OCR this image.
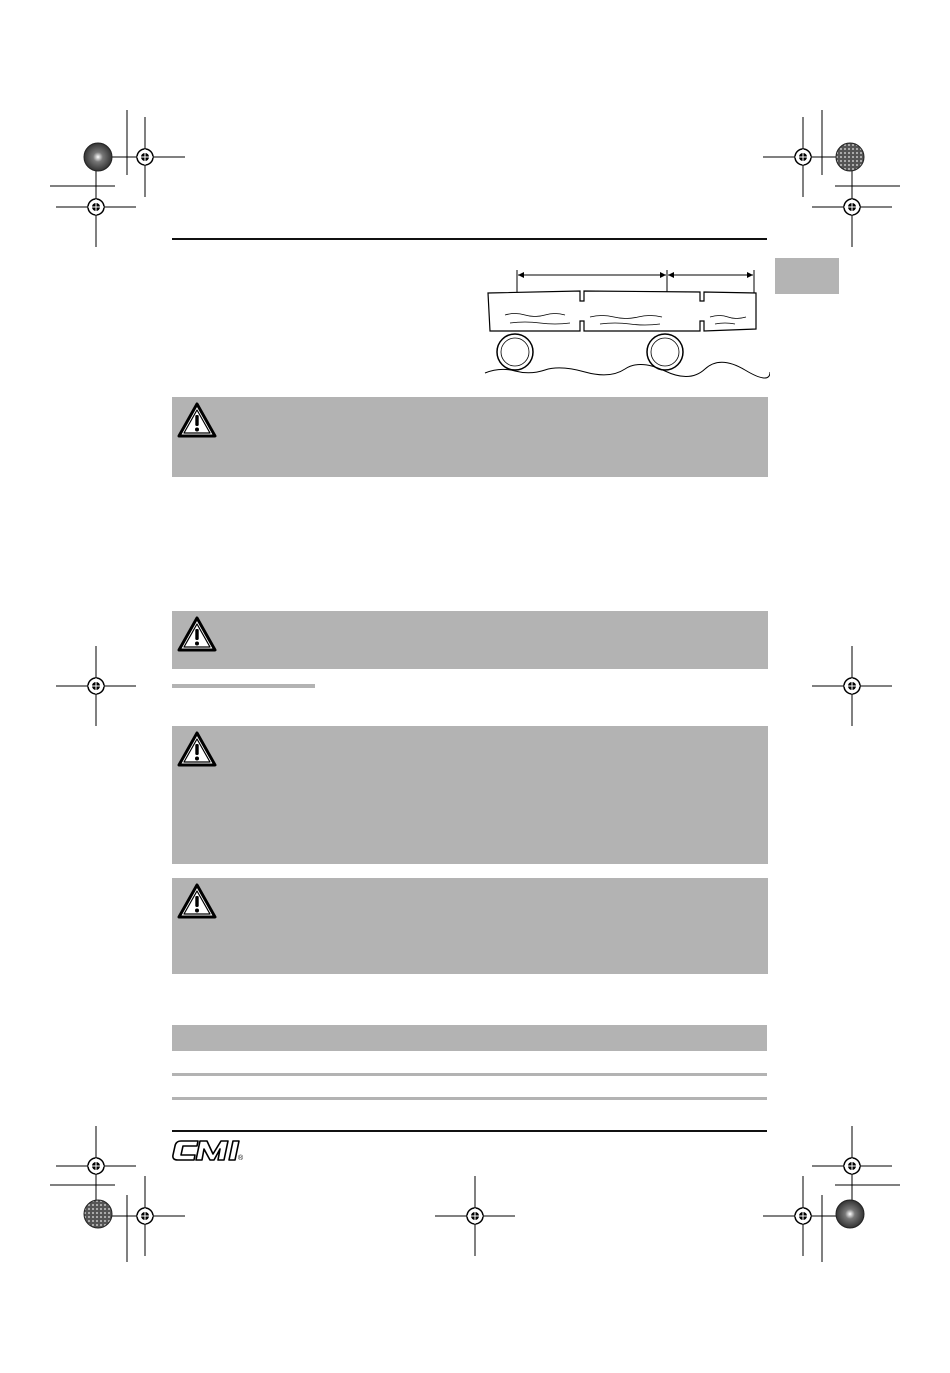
®
